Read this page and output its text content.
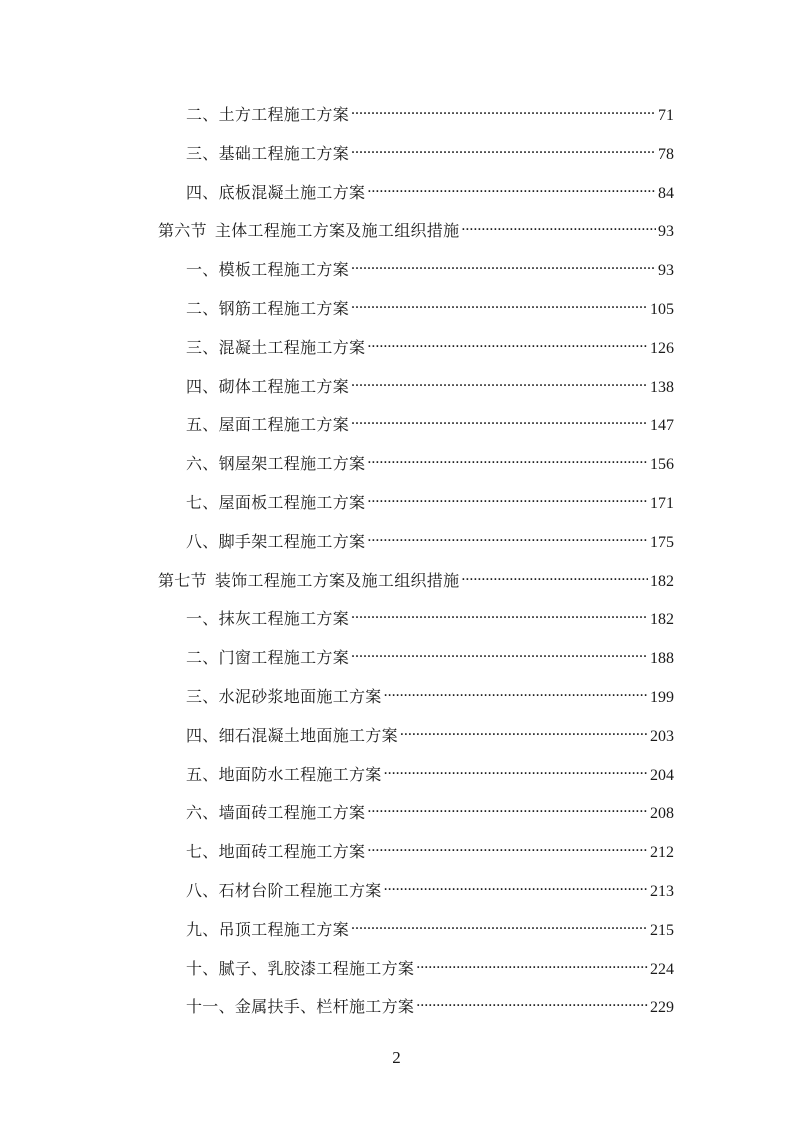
二、土方工程施工方案 .....	71
三、基础工程施工方案 .....	78
四、底板混凝土施工方案 .....	84
第六节 主体工程施工方案及施工组织措施 .....	93
一、模板工程施工方案 .....	93
二、钢筋工程施工方案 .....	105
三、混凝土工程施工方案 .....	126
四、砌体工程施工方案 .....	138
五、屋面工程施工方案 .....	147
六、钢屋架工程施工方案 .....	156
七、屋面板工程施工方案 .....	171
八、脚手架工程施工方案 .....	175
第七节 装饰工程施工方案及施工组织措施 .....	182
一、抹灰工程施工方案 .....	182
二、门窗工程施工方案 .....	188
三、水泥砂浆地面施工方案 .....	199
四、细石混凝土地面施工方案 .....	203
五、地面防水工程施工方案 .....	204
六、墙面砖工程施工方案 .....	208
七、地面砖工程施工方案 .....	212
八、石材台阶工程施工方案 .....	213
九、吊顶工程施工方案 .....	215
十、腻子、乳胶漆工程施工方案 .....	224
十一、金属扶手、栏杆施工方案 .....	229
2
